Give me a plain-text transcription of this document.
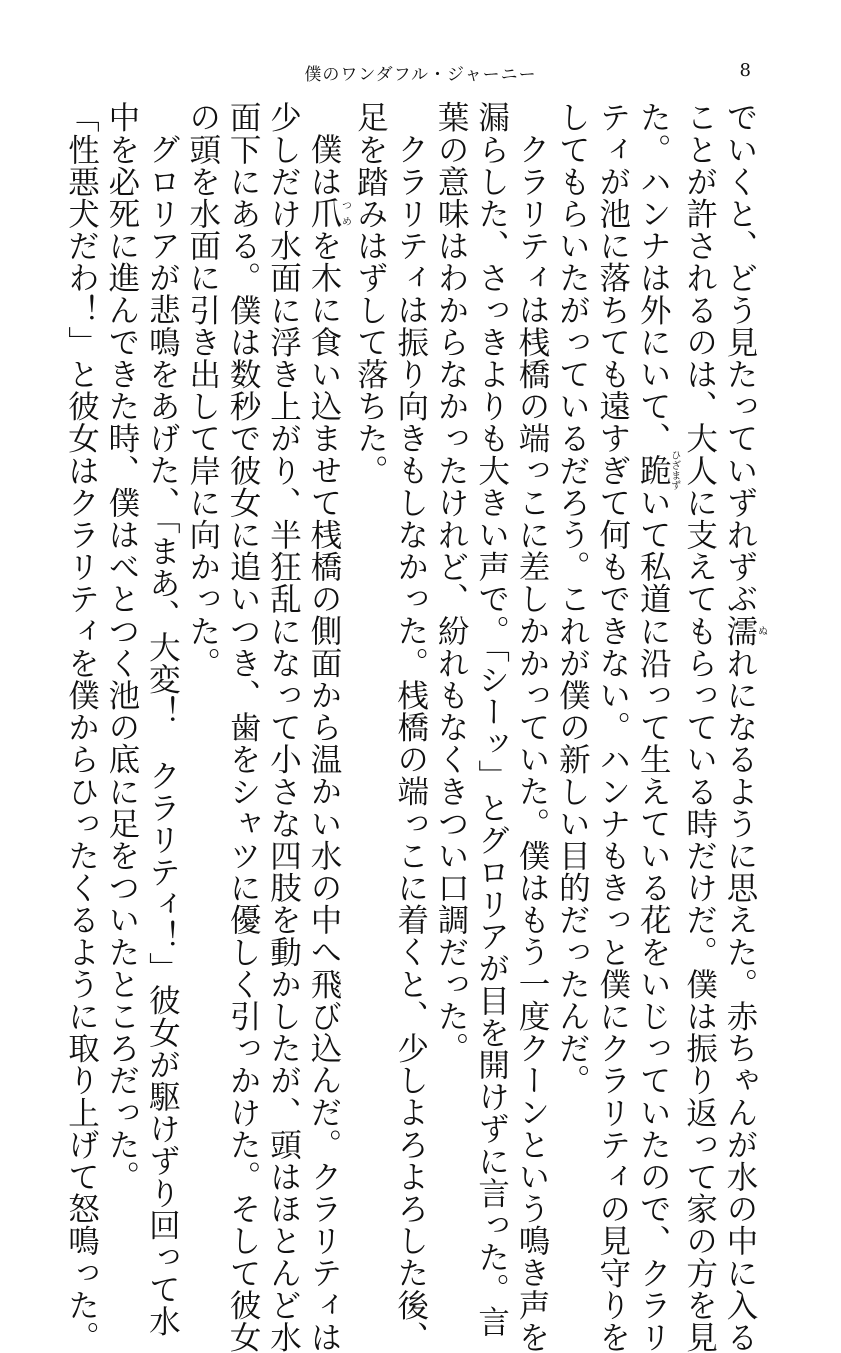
僕のワンダフル・ジャーニー	8
でいくと、どう見たっていずれずぶ濡ぬれになるように思えた。赤ちゃんが水の中に入る
ことが許されるのは、大人に支えてもらっている時だけだ。僕は振り返って家の方を見
た。ハンナは外にいて、跪ひざまずいて私道に沿って生えている花をいじっていたので、クラリ
ティが池に落ちても遠すぎて何もできない。ハンナもきっと僕にクラリティの見守りを
してもらいたがっているだろう。これが僕の新しい目的だったんだ。
クラリティは桟橋の端っこに差しかかっていた。僕はもう一度クーンという鳴き声を
漏らした、さっきよりも大きい声で。「シーッ」とグロリアが目を開けずに言った。言
葉の意味はわからなかったけれど、紛れもなくきつい口調だった。
クラリティは振り向きもしなかった。桟橋の端っこに着くと、少しよろよろした後、
足を踏みはずして落ちた。
僕は爪つめを木に食い込ませて桟橋の側面から温かい水の中へ飛び込んだ。クラリティは
少しだけ水面に浮き上がり、半狂乱になって小さな四肢を動かしたが、頭はほとんど水
面下にある。僕は数秒で彼女に追いつき、歯をシャツに優しく引っかけた。そして彼女
の頭を水面に引き出して岸に向かった。
グロリアが悲鳴をあげた、「まあ、大変！　クラリティ！」彼女が駆けずり回って水
中を必死に進んできた時、僕はべとつく池の底に足をついたところだった。
「性悪犬だわ！」と彼女はクラリティを僕からひったくるように取り上げて怒鳴った。
